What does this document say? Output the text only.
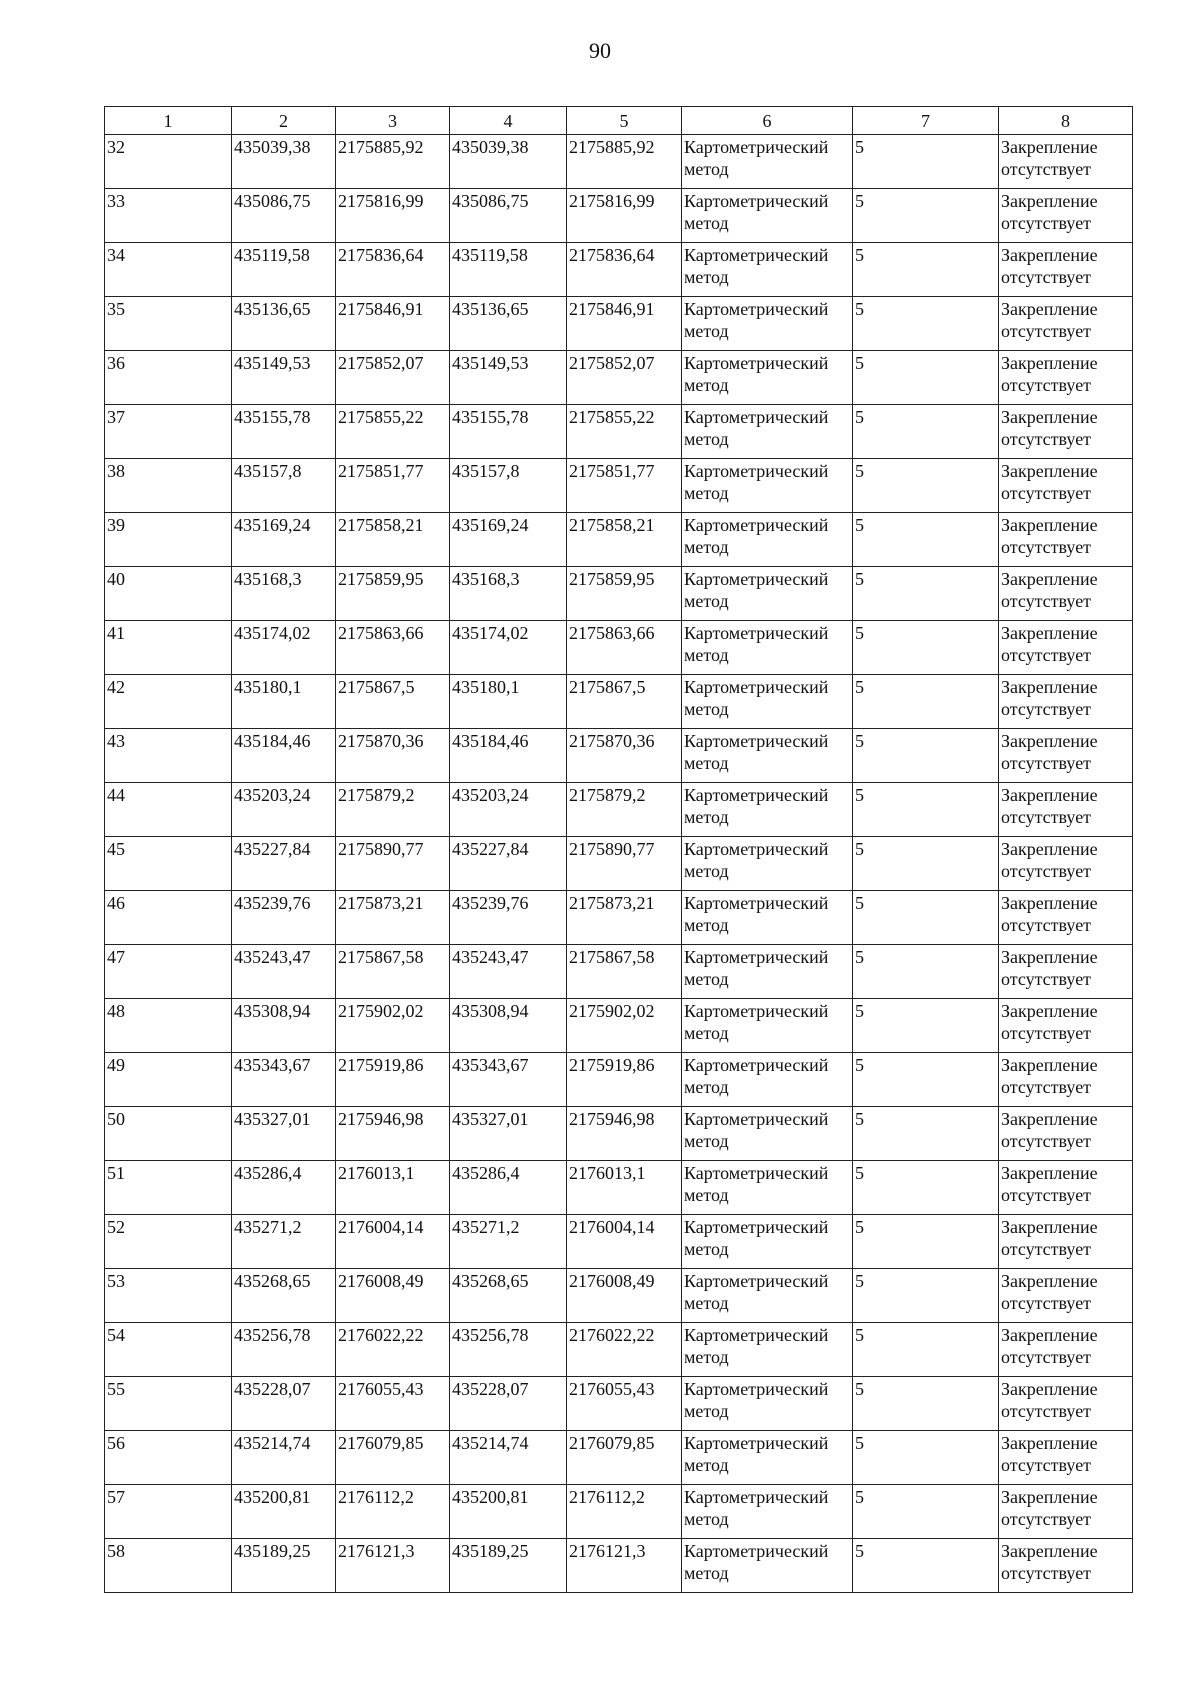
90
1	2	3	4	5	6	7	8
32	435039,38	2175885,92	435039,38	2175885,92	Картометрический метод	5	Закрепление отсутствует
33	435086,75	2175816,99	435086,75	2175816,99	Картометрический метод	5	Закрепление отсутствует
34	435119,58	2175836,64	435119,58	2175836,64	Картометрический метод	5	Закрепление отсутствует
35	435136,65	2175846,91	435136,65	2175846,91	Картометрический метод	5	Закрепление отсутствует
36	435149,53	2175852,07	435149,53	2175852,07	Картометрический метод	5	Закрепление отсутствует
37	435155,78	2175855,22	435155,78	2175855,22	Картометрический метод	5	Закрепление отсутствует
38	435157,8	2175851,77	435157,8	2175851,77	Картометрический метод	5	Закрепление отсутствует
39	435169,24	2175858,21	435169,24	2175858,21	Картометрический метод	5	Закрепление отсутствует
40	435168,3	2175859,95	435168,3	2175859,95	Картометрический метод	5	Закрепление отсутствует
41	435174,02	2175863,66	435174,02	2175863,66	Картометрический метод	5	Закрепление отсутствует
42	435180,1	2175867,5	435180,1	2175867,5	Картометрический метод	5	Закрепление отсутствует
43	435184,46	2175870,36	435184,46	2175870,36	Картометрический метод	5	Закрепление отсутствует
44	435203,24	2175879,2	435203,24	2175879,2	Картометрический метод	5	Закрепление отсутствует
45	435227,84	2175890,77	435227,84	2175890,77	Картометрический метод	5	Закрепление отсутствует
46	435239,76	2175873,21	435239,76	2175873,21	Картометрический метод	5	Закрепление отсутствует
47	435243,47	2175867,58	435243,47	2175867,58	Картометрический метод	5	Закрепление отсутствует
48	435308,94	2175902,02	435308,94	2175902,02	Картометрический метод	5	Закрепление отсутствует
49	435343,67	2175919,86	435343,67	2175919,86	Картометрический метод	5	Закрепление отсутствует
50	435327,01	2175946,98	435327,01	2175946,98	Картометрический метод	5	Закрепление отсутствует
51	435286,4	2176013,1	435286,4	2176013,1	Картометрический метод	5	Закрепление отсутствует
52	435271,2	2176004,14	435271,2	2176004,14	Картометрический метод	5	Закрепление отсутствует
53	435268,65	2176008,49	435268,65	2176008,49	Картометрический метод	5	Закрепление отсутствует
54	435256,78	2176022,22	435256,78	2176022,22	Картометрический метод	5	Закрепление отсутствует
55	435228,07	2176055,43	435228,07	2176055,43	Картометрический метод	5	Закрепление отсутствует
56	435214,74	2176079,85	435214,74	2176079,85	Картометрический метод	5	Закрепление отсутствует
57	435200,81	2176112,2	435200,81	2176112,2	Картометрический метод	5	Закрепление отсутствует
58	435189,25	2176121,3	435189,25	2176121,3	Картометрический метод	5	Закрепление отсутствует
